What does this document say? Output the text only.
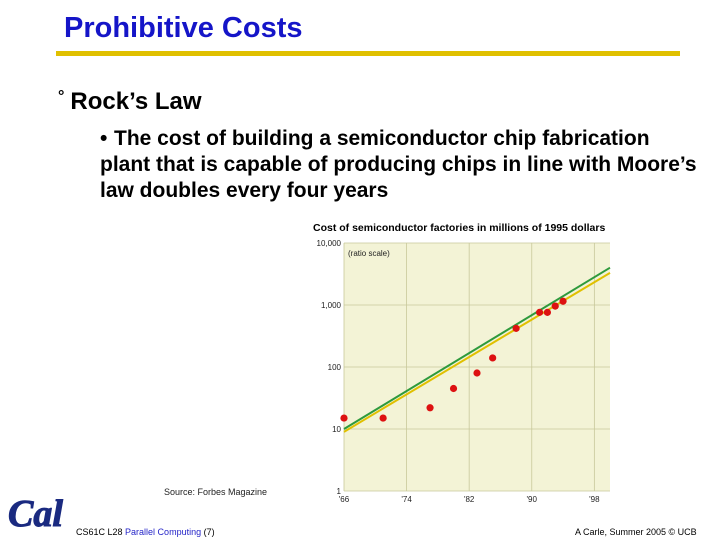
Prohibitive Costs
° Rock’s Law
• The cost of building a semiconductor chip fabrication plant that is capable of producing chips in line with Moore’s law doubles every four years
Cost of semiconductor factories in millions of 1995 dollars
10,000
1,000
100
10
1
'66	'74	'82	'90	'98
(ratio scale)
Source: Forbes Magazine
Cal CS61C L28 Parallel Computing (7)	A Carle, Summer 2005 © UCB
